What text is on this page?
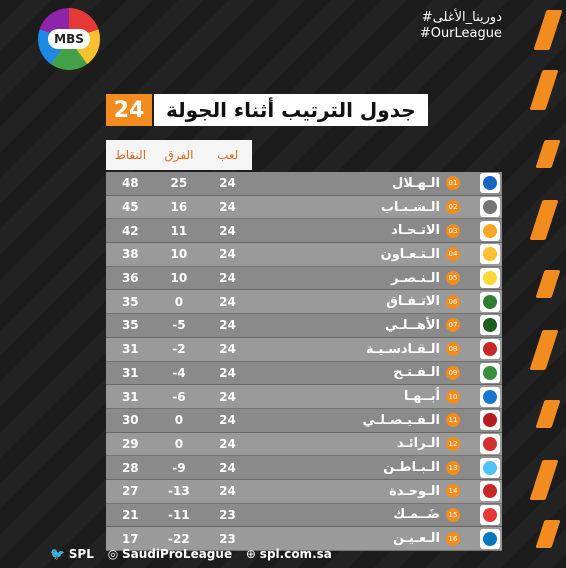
MBS
#دورينا_الأغلى
#OurLeague
24	جدول الترتيب أثناء الجولة
النقاط	الفرق	لعب
48	25	24	الـهـلال	01
45	16	24	الـشـبـاب	02
42	11	24	الاتـحـاد	03
38	10	24	الـتـعـاون	04
36	10	24	الـنـصـر	05
35	0	24	الاتـفـاق	06
35	-5	24	الأهــلـي	07
31	-2	24	الـقـادسـيـة	08
31	-4	24	الـفـتـح	09
31	-6	24	أبــهـا	10
30	0	24	الـفـيـصـلـي	11
29	0	24	الـرائـد	12
28	-9	24	الـبـاطـن	13
27	-13	24	الـوحـدة	14
21	-11	23	ضَــمـك	15
17	-22	23	الـعـيـن	16
🐦 SPL ◎ SaudiProLeague ⊕ spl.com.sa
